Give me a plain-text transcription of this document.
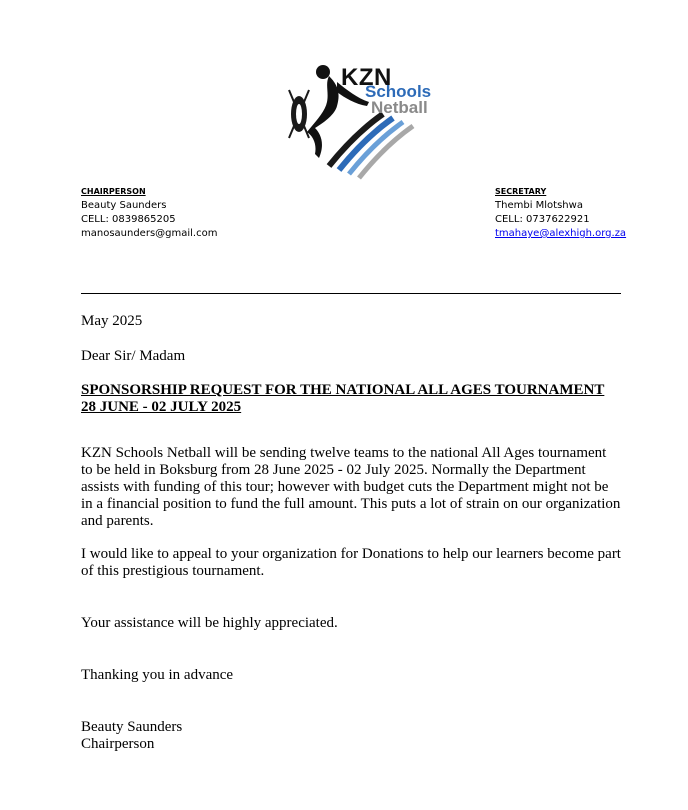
KZN
Schools
Netball
CHAIRPERSON
Beauty Saunders
CELL: 0839865205
manosaunders@gmail.com
SECRETARY
Thembi Mlotshwa
CELL: 0737622921
tmahaye@alexhigh.org.za
May 2025
Dear Sir/ Madam
SPONSORSHIP REQUEST FOR THE NATIONAL ALL AGES TOURNAMENT
28 JUNE - 02 JULY 2025
KZN Schools Netball will be sending twelve teams to the national All Ages tournament
to be held in Boksburg from 28 June 2025 - 02 July 2025. Normally the Department
assists with funding of this tour; however with budget cuts the Department might not be
in a financial position to fund the full amount. This puts a lot of strain on our organization
and parents.
I would like to appeal to your organization for Donations to help our learners become part
of this prestigious tournament.
Your assistance will be highly appreciated.
Thanking you in advance
Beauty Saunders
Chairperson
